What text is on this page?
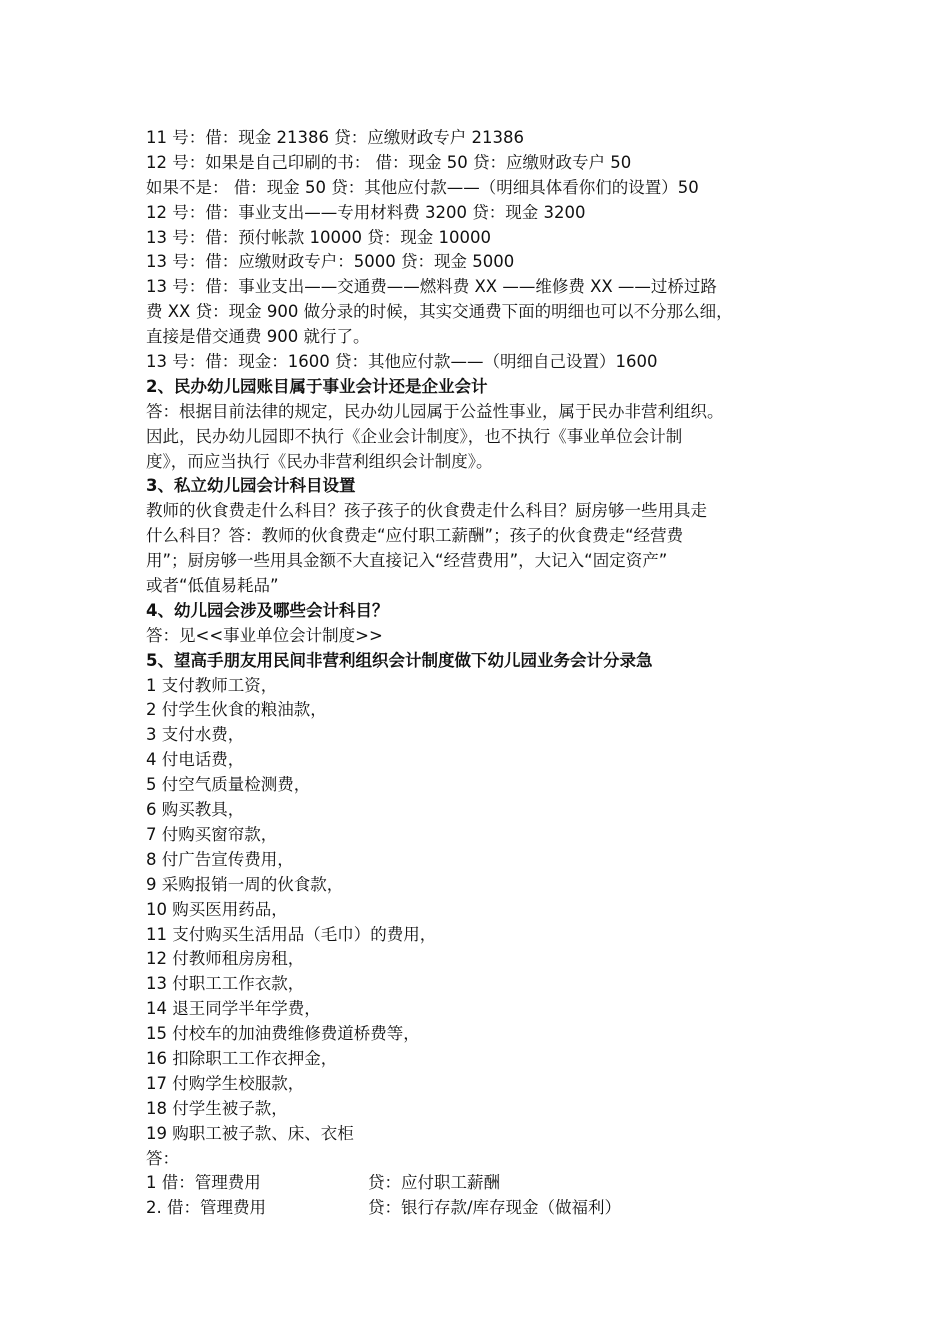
11 号：借：现金 21386 贷：应缴财政专户 21386
12 号：如果是自己印刷的书： 借：现金 50 贷：应缴财政专户 50
如果不是： 借：现金 50 贷：其他应付款——（明细具体看你们的设置）50
12 号：借：事业支出——专用材料费 3200 贷：现金 3200
13 号：借：预付帐款 10000 贷：现金 10000
13 号：借：应缴财政专户：5000 贷：现金 5000
13 号：借：事业支出——交通费——燃料费 XX ——维修费 XX ——过桥过路
费 XX 贷：现金 900 做分录的时候，其实交通费下面的明细也可以不分那么细，
直接是借交通费 900 就行了。
13 号：借：现金：1600 贷：其他应付款——（明细自己设置）1600
2、民办幼儿园账目属于事业会计还是企业会计
答：根据目前法律的规定，民办幼儿园属于公益性事业，属于民办非营利组织。
因此，民办幼儿园即不执行《企业会计制度》，也不执行《事业单位会计制
度》，而应当执行《民办非营利组织会计制度》。
3、私立幼儿园会计科目设置
教师的伙食费走什么科目？孩子孩子的伙食费走什么科目？厨房够一些用具走
什么科目？答：教师的伙食费走“应付职工薪酬”；孩子的伙食费走“经营费
用”；厨房够一些用具金额不大直接记入“经营费用”，大记入“固定资产”
或者“低值易耗品”
4、幼儿园会涉及哪些会计科目？
答：见<<事业单位会计制度>>
5、望高手朋友用民间非营利组织会计制度做下幼儿园业务会计分录急
1 支付教师工资，
2 付学生伙食的粮油款，
3 支付水费，
4 付电话费，
5 付空气质量检测费，
6 购买教具，
7 付购买窗帘款，
8 付广告宣传费用，
9 采购报销一周的伙食款，
10 购买医用药品，
11 支付购买生活用品（毛巾）的费用，
12 付教师租房房租，
13 付职工工作衣款，
14 退王同学半年学费，
15 付校车的加油费维修费道桥费等，
16 扣除职工工作衣押金，
17 付购学生校服款，
18 付学生被子款，
19 购职工被子款、床、衣柜
答：
1 借：管理费用	贷：应付职工薪酬
2. 借：管理费用	贷：银行存款/库存现金（做福利）
